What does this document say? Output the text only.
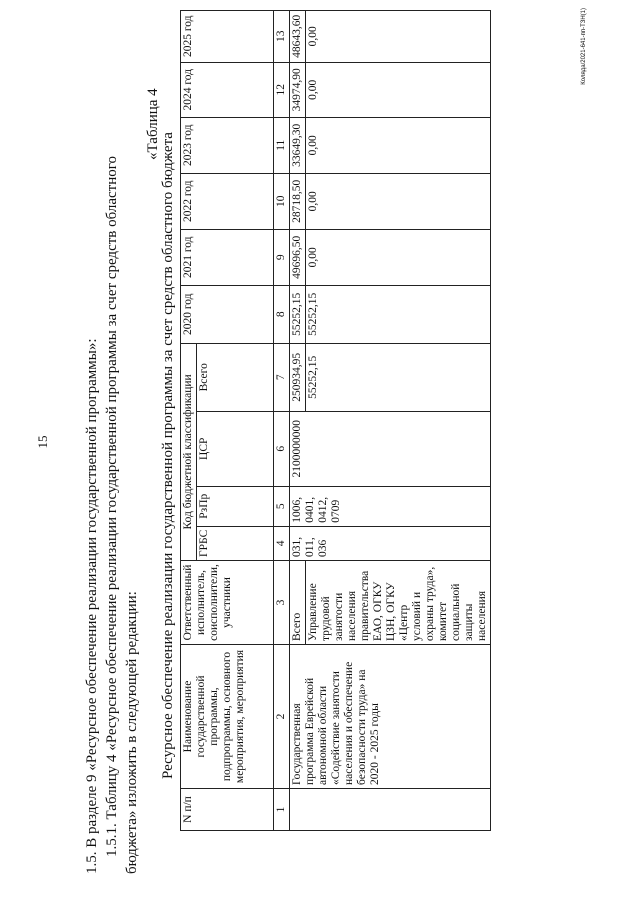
15 1.5. В разделе 9 «Ресурсное обеспечение реализации государственной программы»: 1.5.1. Таблицу 4 «Ресурсное обеспечение реализации государственной программы за счет средств областного бюджета» изложить в следующей редакции:
«Таблица 4
Ресурсное обеспечение реализации государственной программы за счет средств областного бюджета
N п/п	Наименование государственной программы, подпрограммы, основного мероприятия, мероприятия	Ответственный исполнитель, соисполнители, участники	Код бюджетной классификации				2020 год	2021 год	2022 год	2023 год	2024 год	2025 год
			ГРБС	РзПр	ЦСР	Всего						
1	2	3	4	5	6	7	8	9	10	11	12	13
	Государственная программа Еврейской автономной области «Содействие занятости населения и обеспечение безопасности труда» на 2020 - 2025 годы	Всего	031, 011, 036	1006, 0401, 0412, 0709	2100000000	250934,95	55252,15	49696,50	28718,50	33649,30	34974,90	48643,60
		Управление трудовой занятости населения правительства ЕАО, ОГКУ ЦЗН, ОГКУ «Центр условий и охраны труда», комитет социальной защиты населения				55252,15	55252,15	0,00	0,00	0,00	0,00	0,00	Коляда/2021-641-пп-ТЗН(1)
